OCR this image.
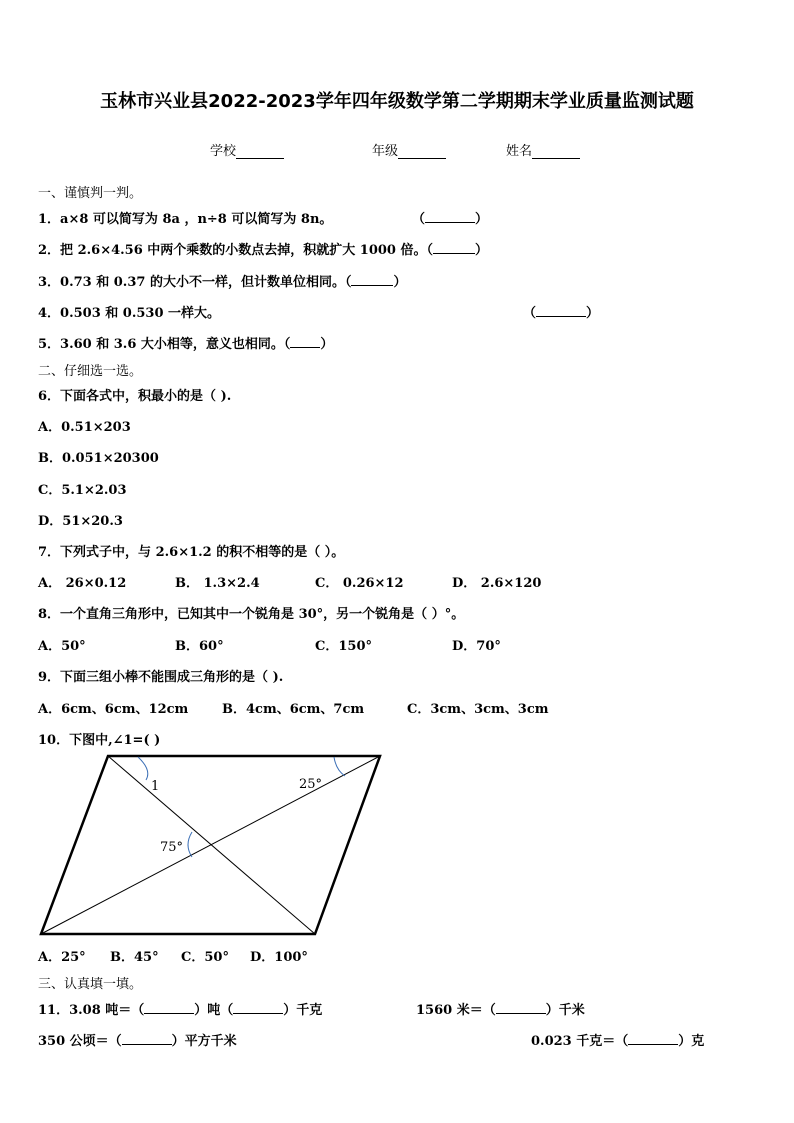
玉林市兴业县2022-2023学年四年级数学第二学期期末学业质量监测试题
学校	年级	姓名
一、谨慎判一判。
1．a×8 可以简写为 8a ，n÷8 可以简写为 8n。	（	）
2．把 2.6×4.56 中两个乘数的小数点去掉，积就扩大 1000 倍。（	）
3．0.73 和 0.37 的大小不一样，但计数单位相同。（	）
4．0.503 和 0.530 一样大。	（	）
5．3.60 和 3.6 大小相等，意义也相同。（ ）
二、仔细选一选。
6．下面各式中，积最小的是（ ).
A．0.51×203
B．0.051×20300
C．5.1×2.03
D．51×20.3
7．下列式子中，与 2.6×1.2 的积不相等的是（ ）。
A． 26×0.12	B． 1.3×2.4	C． 0.26×12	D． 2.6×120
8．一个直角三角形中，已知其中一个锐角是 30°，另一个锐角是（ ）°。
A．50°	B．60°	C．150°	D．70°
9．下面三组小棒不能围成三角形的是（ ).
A．6cm、6cm、12cm	B．4cm、6cm、7cm	C．3cm、3cm、3cm
10．下图中,∠1=( )
1	25°
75°
A．25° B．45° C．50° D．100°
三、认真填一填。
11．3.08 吨＝（	）吨（	）千克	1560 米＝（	）千米
350 公顷＝（	）平方千米	0.023 千克＝（	）克
